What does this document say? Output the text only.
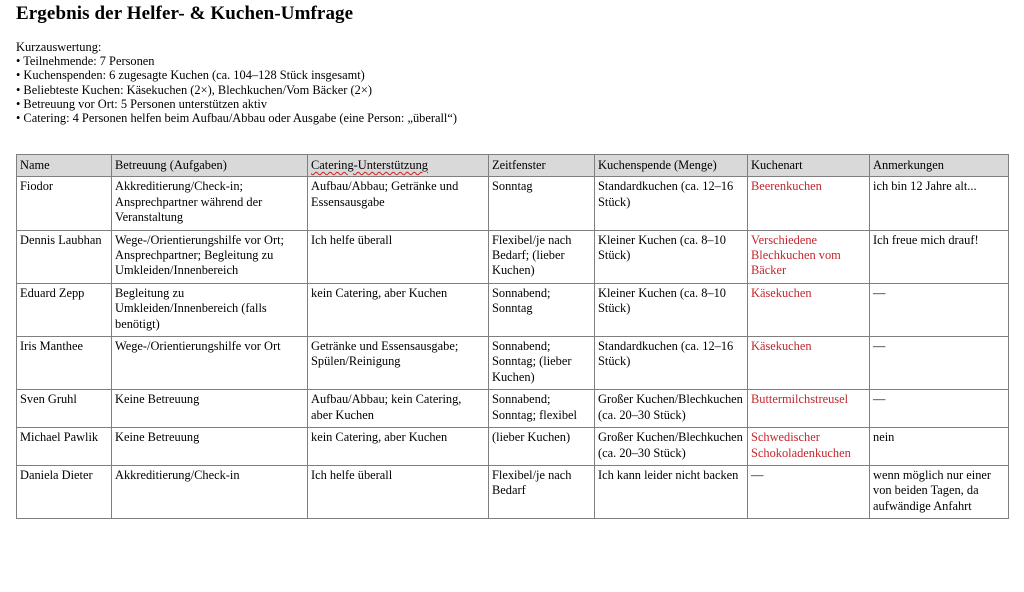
Ergebnis der Helfer- & Kuchen-Umfrage
Kurzauswertung:
• Teilnehmende: 7 Personen
• Kuchenspenden: 6 zugesagte Kuchen (ca. 104–128 Stück insgesamt)
• Beliebteste Kuchen: Käsekuchen (2×), Blechkuchen/Vom Bäcker (2×)
• Betreuung vor Ort: 5 Personen unterstützen aktiv
• Catering: 4 Personen helfen beim Aufbau/Abbau oder Ausgabe (eine Person: „überall“)
Name	Betreuung (Aufgaben)	Catering-Unterstützung	Zeitfenster	Kuchenspende (Menge)	Kuchenart	Anmerkungen
Fiodor	Akkreditierung/Check-in; Ansprechpartner während der Veranstaltung	Aufbau/Abbau; Getränke und Essensausgabe	Sonntag	Standardkuchen (ca. 12–16 Stück)	Beerenkuchen	ich bin 12 Jahre alt...
Dennis Laubhan	Wege-/Orientierungshilfe vor Ort; Ansprechpartner; Begleitung zu Umkleiden/Innenbereich	Ich helfe überall	Flexibel/je nach Bedarf; (lieber Kuchen)	Kleiner Kuchen (ca. 8–10 Stück)	Verschiedene Blechkuchen vom Bäcker	Ich freue mich drauf!
Eduard Zepp	Begleitung zu Umkleiden/Innenbereich (falls benötigt)	kein Catering, aber Kuchen	Sonnabend; Sonntag	Kleiner Kuchen (ca. 8–10 Stück)	Käsekuchen	—
Iris Manthee	Wege-/Orientierungshilfe vor Ort	Getränke und Essensausgabe; Spülen/Reinigung	Sonnabend; Sonntag; (lieber Kuchen)	Standardkuchen (ca. 12–16 Stück)	Käsekuchen	—
Sven Gruhl	Keine Betreuung	Aufbau/Abbau; kein Catering, aber Kuchen	Sonnabend; Sonntag; flexibel	Großer Kuchen/Blechkuchen (ca. 20–30 Stück)	Buttermilchstreusel	—
Michael Pawlik	Keine Betreuung	kein Catering, aber Kuchen	(lieber Kuchen)	Großer Kuchen/Blechkuchen (ca. 20–30 Stück)	Schwedischer Schokoladenkuchen	nein
Daniela Dieter	Akkreditierung/Check-in	Ich helfe überall	Flexibel/je nach Bedarf	Ich kann leider nicht backen	—	wenn möglich nur einer von beiden Tagen, da aufwändige Anfahrt
